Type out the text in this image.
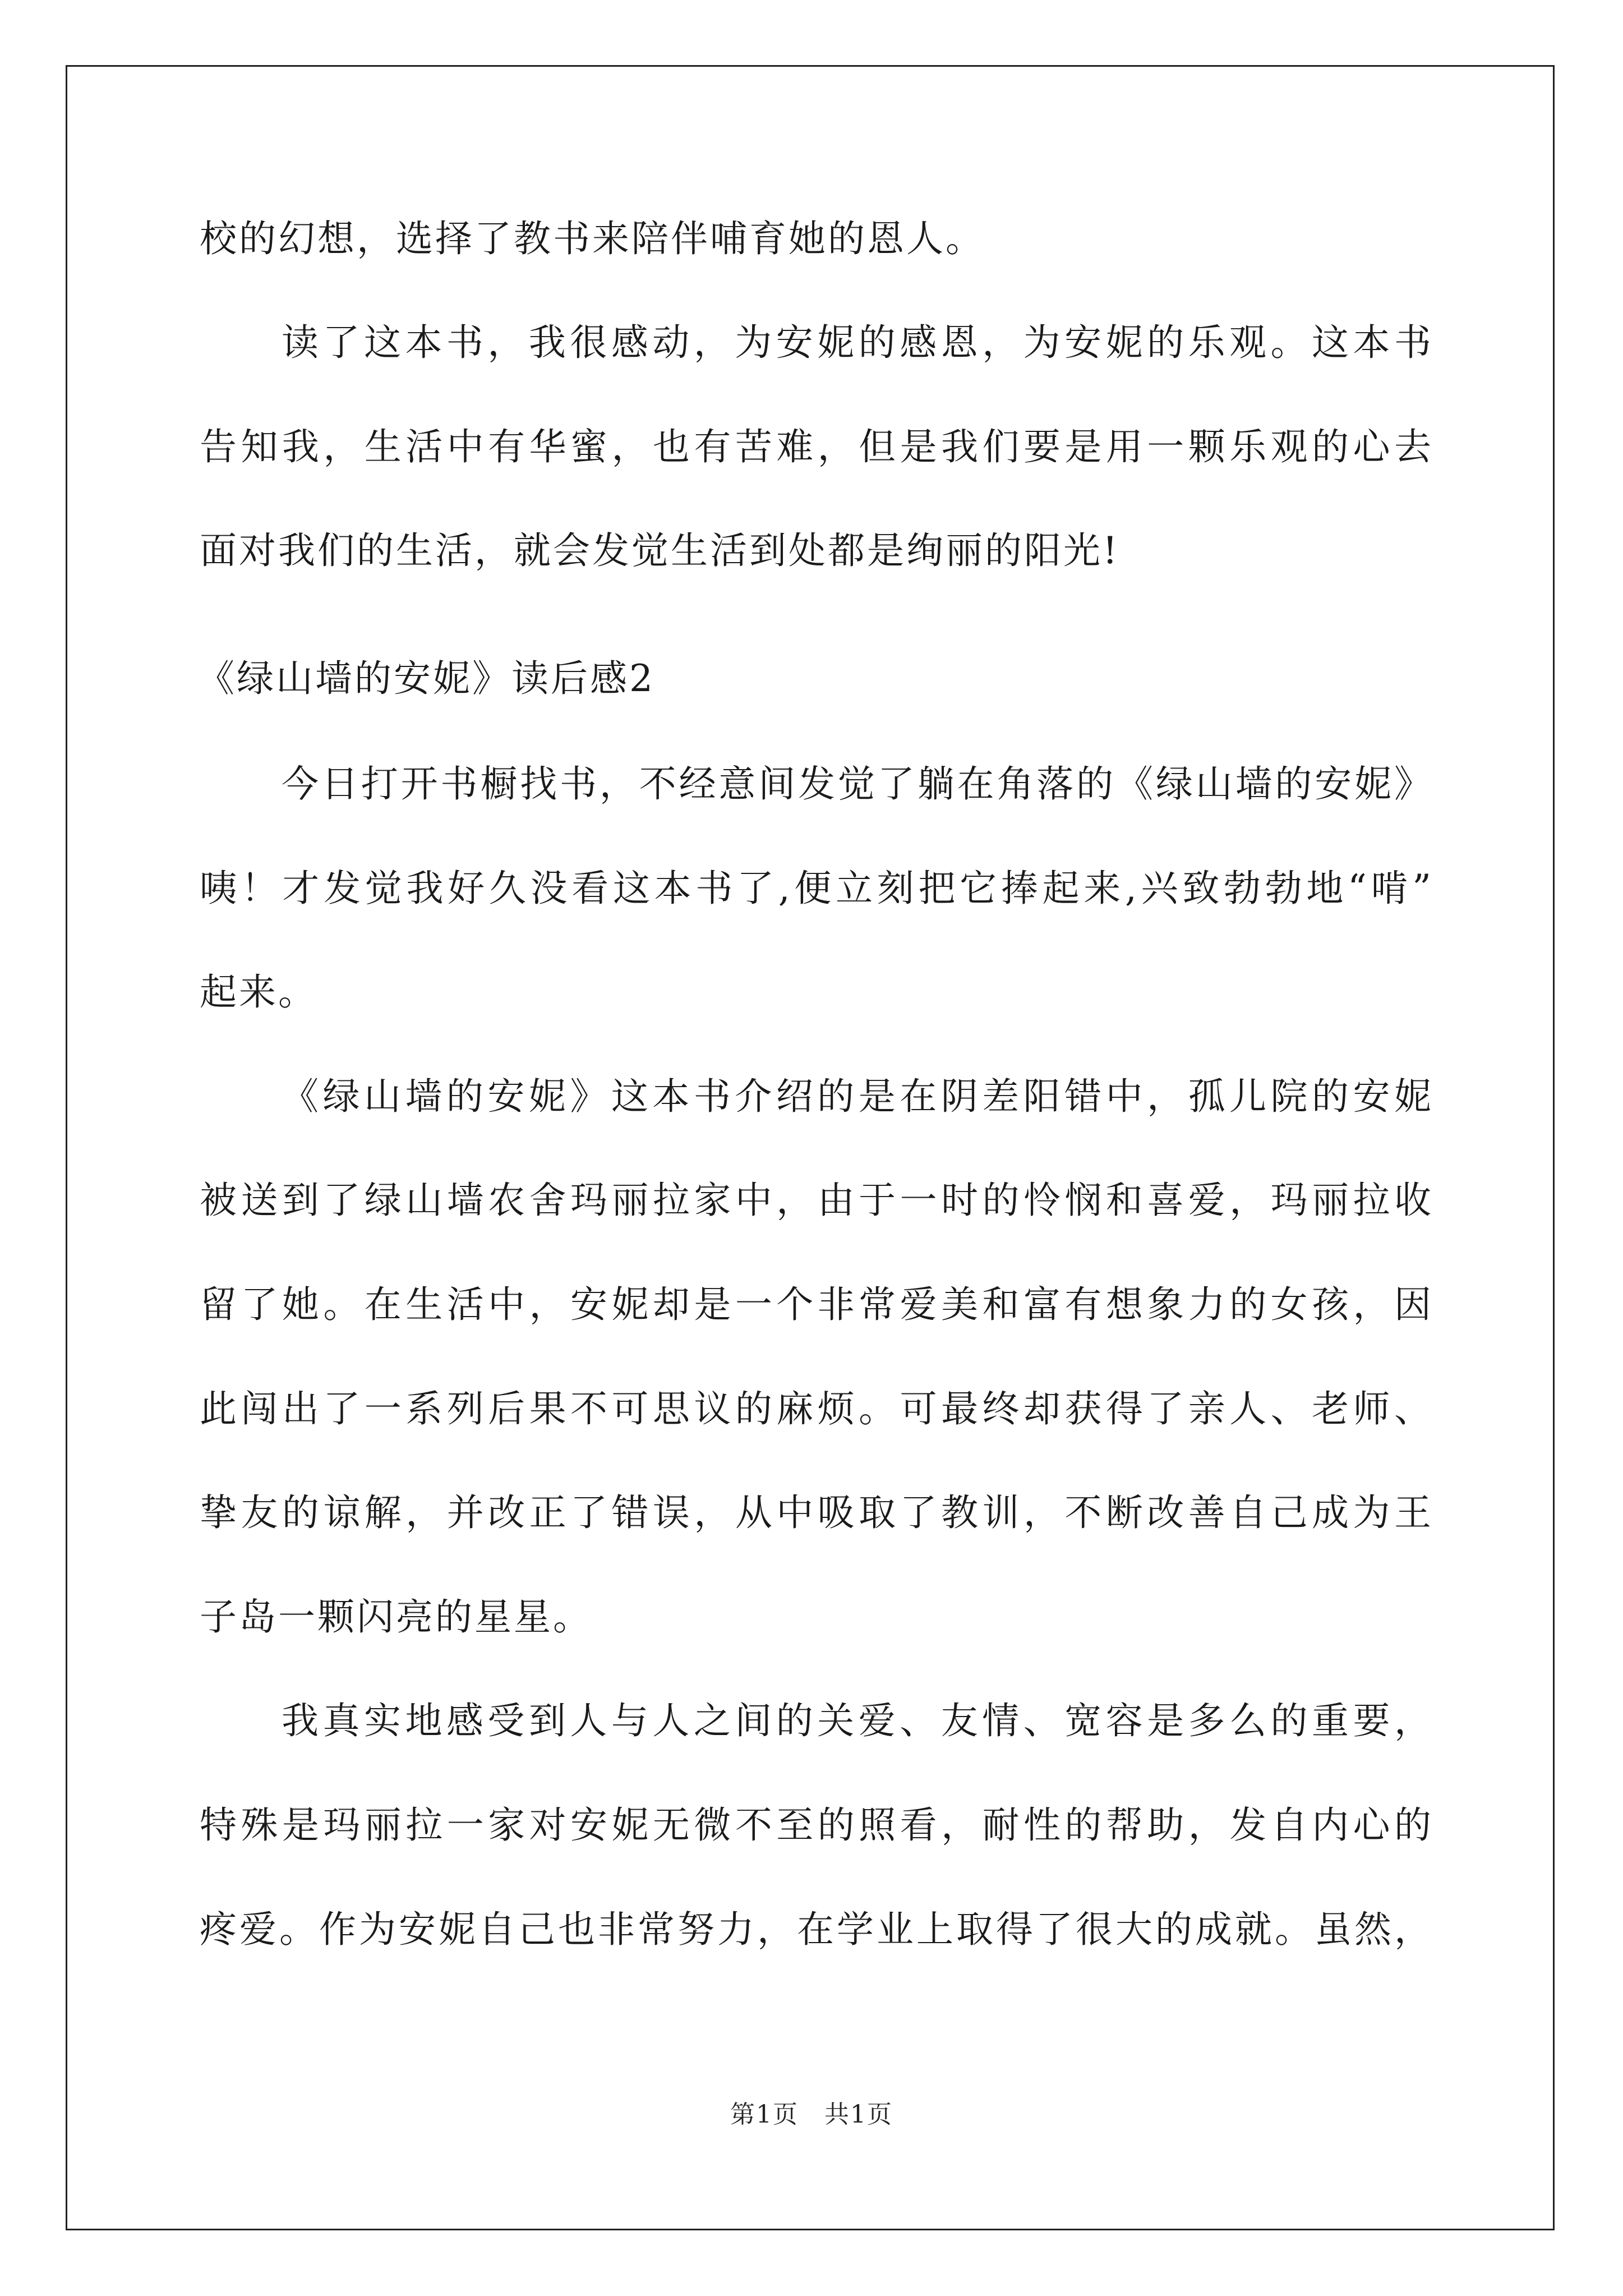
校的幻想，选择了教书来陪伴哺育她的恩人。
读了这本书，我很感动，为安妮的感恩，为安妮的乐观。这本书
告知我，生活中有华蜜，也有苦难，但是我们要是用一颗乐观的心去
面对我们的生活，就会发觉生活到处都是绚丽的阳光!
《绿山墙的安妮》读后感2
今日打开书橱找书，不经意间发觉了躺在角落的《绿山墙的安妮》
咦！才发觉我好久没看这本书了,便立刻把它捧起来,兴致勃勃地“啃”
起来。
《绿山墙的安妮》这本书介绍的是在阴差阳错中，孤儿院的安妮
被送到了绿山墙农舍玛丽拉家中，由于一时的怜悯和喜爱，玛丽拉收
留了她。在生活中，安妮却是一个非常爱美和富有想象力的女孩，因
此闯出了一系列后果不可思议的麻烦。可最终却获得了亲人、老师、
挚友的谅解，并改正了错误，从中吸取了教训，不断改善自己成为王
子岛一颗闪亮的星星。
我真实地感受到人与人之间的关爱、友情、宽容是多么的重要，
特殊是玛丽拉一家对安妮无微不至的照看，耐性的帮助，发自内心的
疼爱。作为安妮自己也非常努力，在学业上取得了很大的成就。虽然，
第1页　共1页
